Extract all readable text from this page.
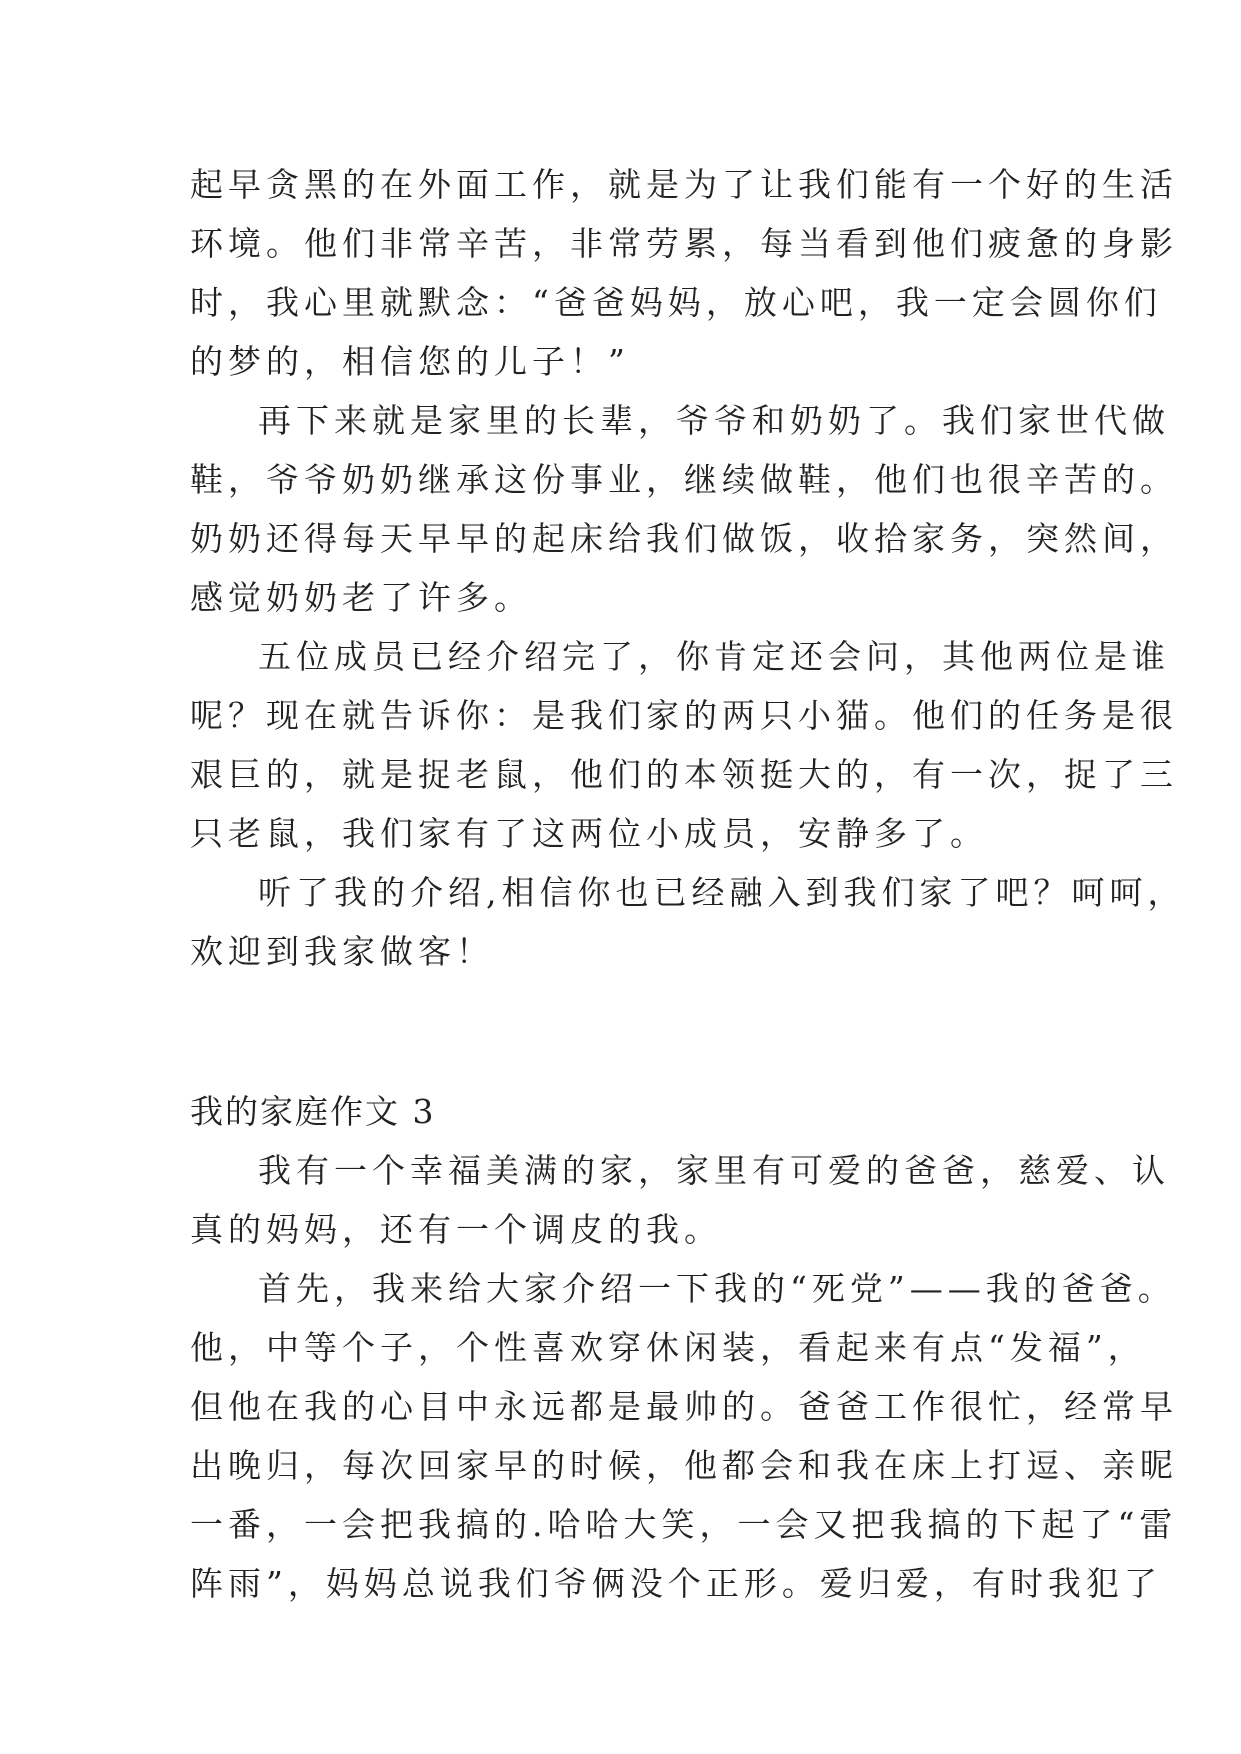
起早贪黑的在外面工作，就是为了让我们能有一个好的生活
环境。他们非常辛苦，非常劳累，每当看到他们疲惫的身影
时，我心里就默念：“爸爸妈妈，放心吧，我一定会圆你们
的梦的，相信您的儿子！”
再下来就是家里的长辈，爷爷和奶奶了。我们家世代做
鞋，爷爷奶奶继承这份事业，继续做鞋，他们也很辛苦的。
奶奶还得每天早早的起床给我们做饭，收拾家务，突然间，
感觉奶奶老了许多。
五位成员已经介绍完了，你肯定还会问，其他两位是谁
呢？现在就告诉你：是我们家的两只小猫。他们的任务是很
艰巨的，就是捉老鼠，他们的本领挺大的，有一次，捉了三
只老鼠，我们家有了这两位小成员，安静多了。
听了我的介绍,相信你也已经融入到我们家了吧？呵呵，
欢迎到我家做客！
我的家庭作文 3
我有一个幸福美满的家，家里有可爱的爸爸，慈爱、认
真的妈妈，还有一个调皮的我。
首先，我来给大家介绍一下我的“死党”——我的爸爸。
他，中等个子，个性喜欢穿休闲装，看起来有点“发福”，
但他在我的心目中永远都是最帅的。爸爸工作很忙，经常早
出晚归，每次回家早的时候，他都会和我在床上打逗、亲昵
一番，一会把我搞的.哈哈大笑，一会又把我搞的下起了“雷
阵雨”，妈妈总说我们爷俩没个正形。爱归爱，有时我犯了
